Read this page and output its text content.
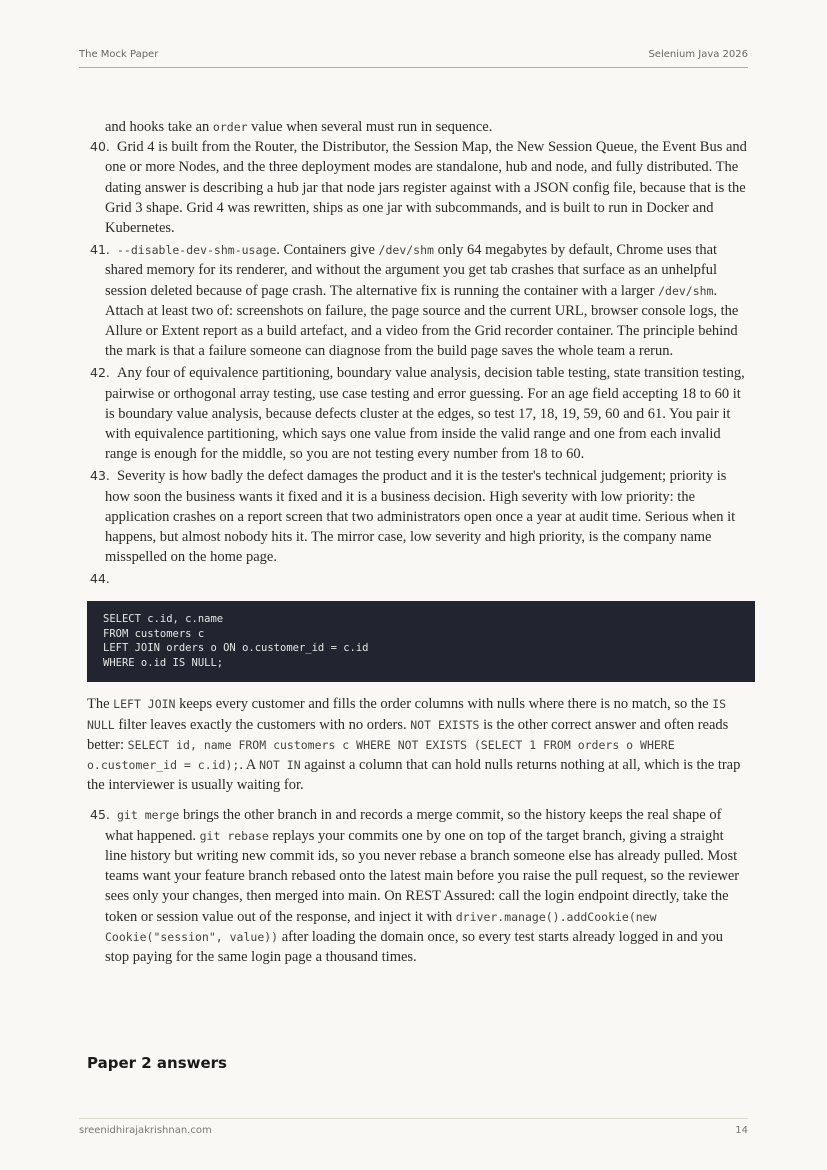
The Mock Paper	Selenium Java 2026
and hooks take an order value when several must run in sequence.
40. Grid 4 is built from the Router, the Distributor, the Session Map, the New Session Queue, the Event Bus and one or more Nodes, and the three deployment modes are standalone, hub and node, and fully distributed. The dating answer is describing a hub jar that node jars register against with a JSON config file, because that is the Grid 3 shape. Grid 4 was rewritten, ships as one jar with subcommands, and is built to run in Docker and Kubernetes.
41. --disable-dev-shm-usage. Containers give /dev/shm only 64 megabytes by default, Chrome uses that shared memory for its renderer, and without the argument you get tab crashes that surface as an unhelpful session deleted because of page crash. The alternative fix is running the container with a larger /dev/shm. Attach at least two of: screenshots on failure, the page source and the current URL, browser console logs, the Allure or Extent report as a build artefact, and a video from the Grid recorder container. The principle behind the mark is that a failure someone can diagnose from the build page saves the whole team a rerun.
42. Any four of equivalence partitioning, boundary value analysis, decision table testing, state transition testing, pairwise or orthogonal array testing, use case testing and error guessing. For an age field accepting 18 to 60 it is boundary value analysis, because defects cluster at the edges, so test 17, 18, 19, 59, 60 and 61. You pair it with equivalence partitioning, which says one value from inside the valid range and one from each invalid range is enough for the middle, so you are not testing every number from 18 to 60.
43. Severity is how badly the defect damages the product and it is the tester's technical judgement; priority is how soon the business wants it fixed and it is a business decision. High severity with low priority: the application crashes on a report screen that two administrators open once a year at audit time. Serious when it happens, but almost nobody hits it. The mirror case, low severity and high priority, is the company name misspelled on the home page.
44.
SELECT c.id, c.name
FROM customers c
LEFT JOIN orders o ON o.customer_id = c.id
WHERE o.id IS NULL;
The LEFT JOIN keeps every customer and fills the order columns with nulls where there is no match, so the IS NULL filter leaves exactly the customers with no orders. NOT EXISTS is the other correct answer and often reads better: SELECT id, name FROM customers c WHERE NOT EXISTS (SELECT 1 FROM orders o WHERE o.customer_id = c.id);. A NOT IN against a column that can hold nulls returns nothing at all, which is the trap the interviewer is usually waiting for.
45. git merge brings the other branch in and records a merge commit, so the history keeps the real shape of what happened. git rebase replays your commits one by one on top of the target branch, giving a straight line history but writing new commit ids, so you never rebase a branch someone else has already pulled. Most teams want your feature branch rebased onto the latest main before you raise the pull request, so the reviewer sees only your changes, then merged into main. On REST Assured: call the login endpoint directly, take the token or session value out of the response, and inject it with driver.manage().addCookie(new Cookie("session", value)) after loading the domain once, so every test starts already logged in and you stop paying for the same login page a thousand times.
Paper 2 answers
sreenidhirajakrishnan.com	14
